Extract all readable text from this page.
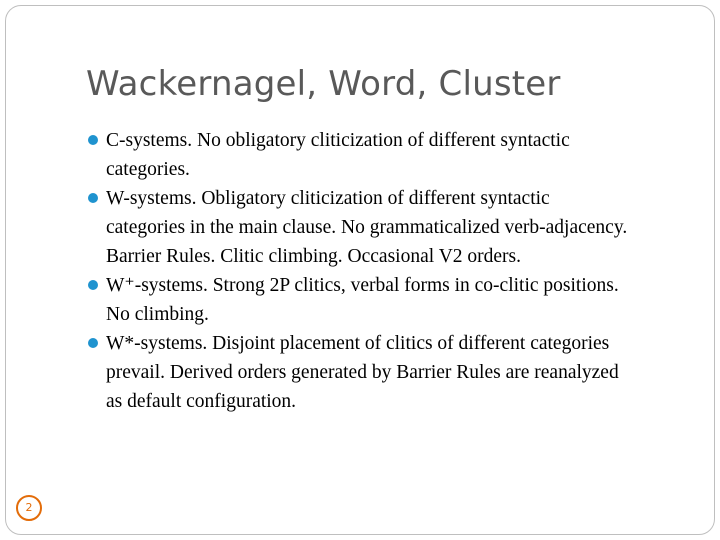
Wackernagel, Word, Cluster
C-systems. No obligatory cliticization of different syntactic
categories.
W-systems. Obligatory cliticization of different syntactic
categories in the main clause. No grammaticalized verb-adjacency.
Barrier Rules. Clitic climbing. Occasional V2 orders.
W⁺-systems. Strong 2P clitics, verbal forms in co-clitic positions.
No climbing.
W*-systems. Disjoint placement of clitics of different categories
prevail. Derived orders generated by Barrier Rules are reanalyzed
as default configuration.
2
